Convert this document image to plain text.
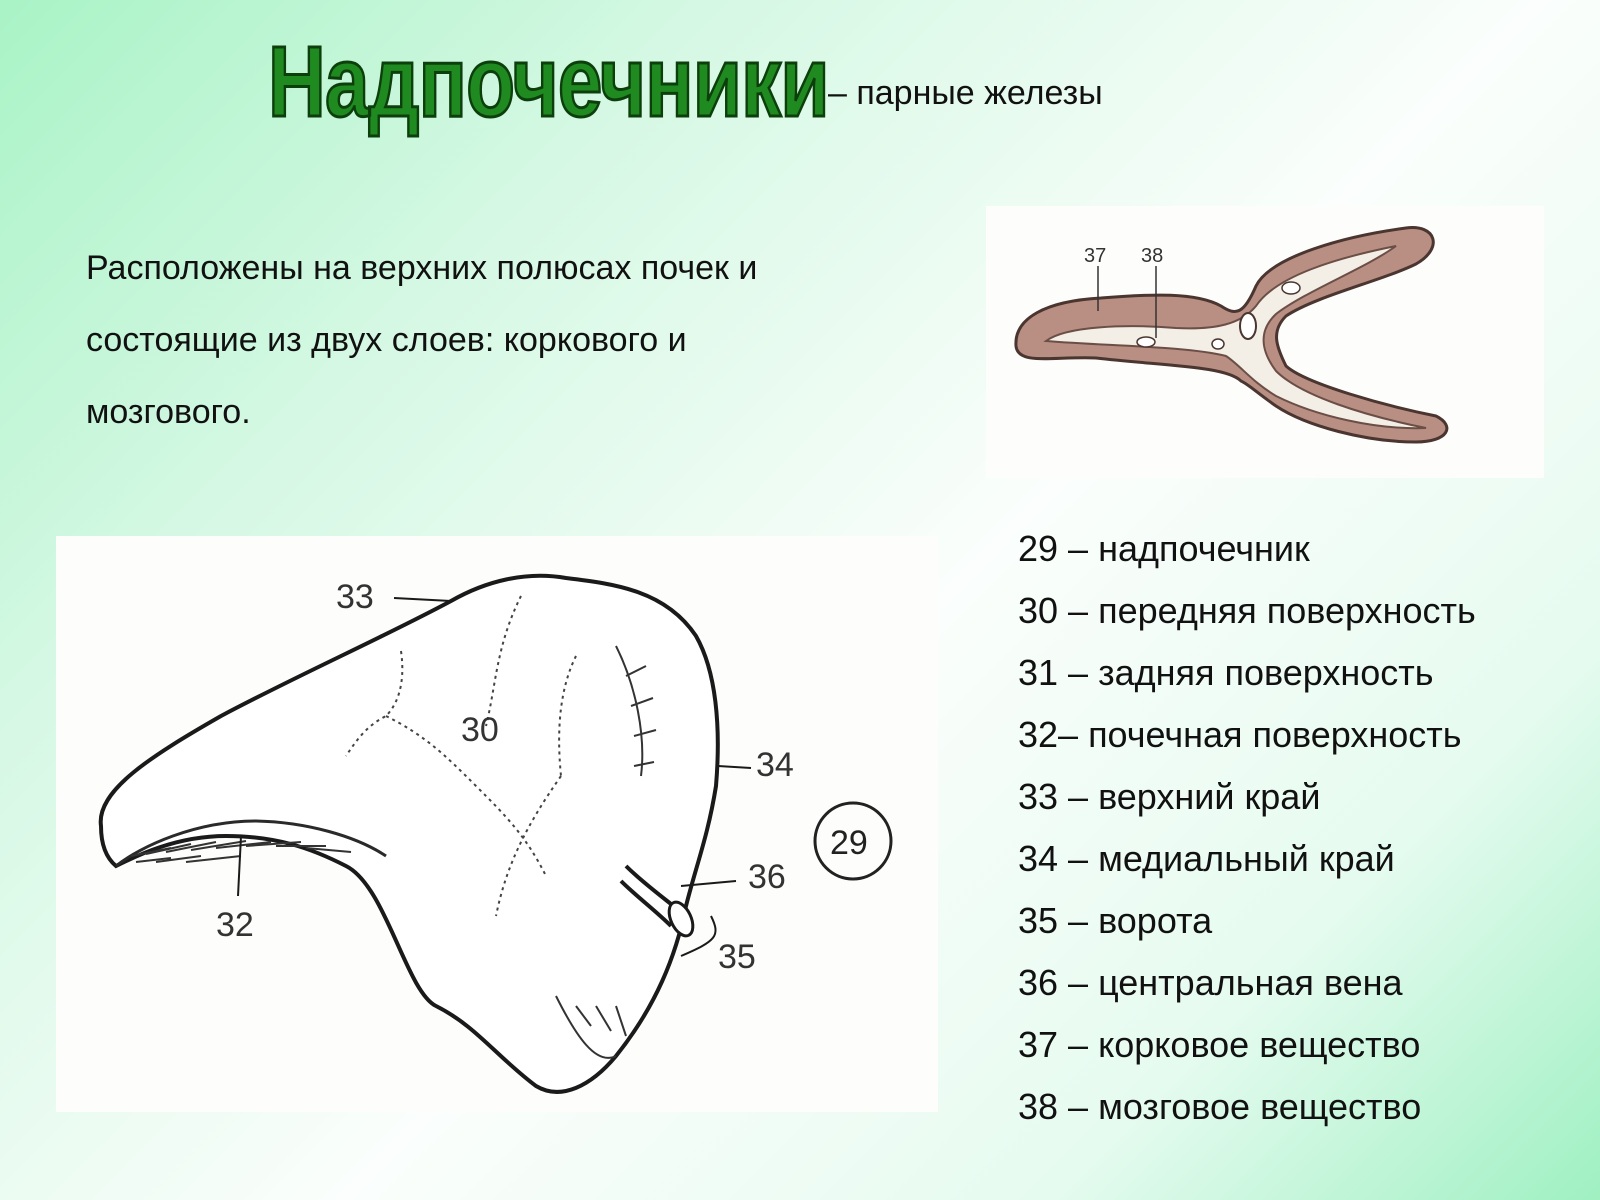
Надпочечники – парные железы

Расположены на верхних полюсах почек и
состоящие из двух слоев: коркового и
мозгового.

37 38
33
30
34
29
36
32
35
29 – надпочечник
30 – передняя поверхность
31 – задняя поверхность
32– почечная поверхность
33 – верхний край
34 – медиальный край
35 – ворота
36 – центральная вена
37 – корковое вещество
38 – мозговое вещество
